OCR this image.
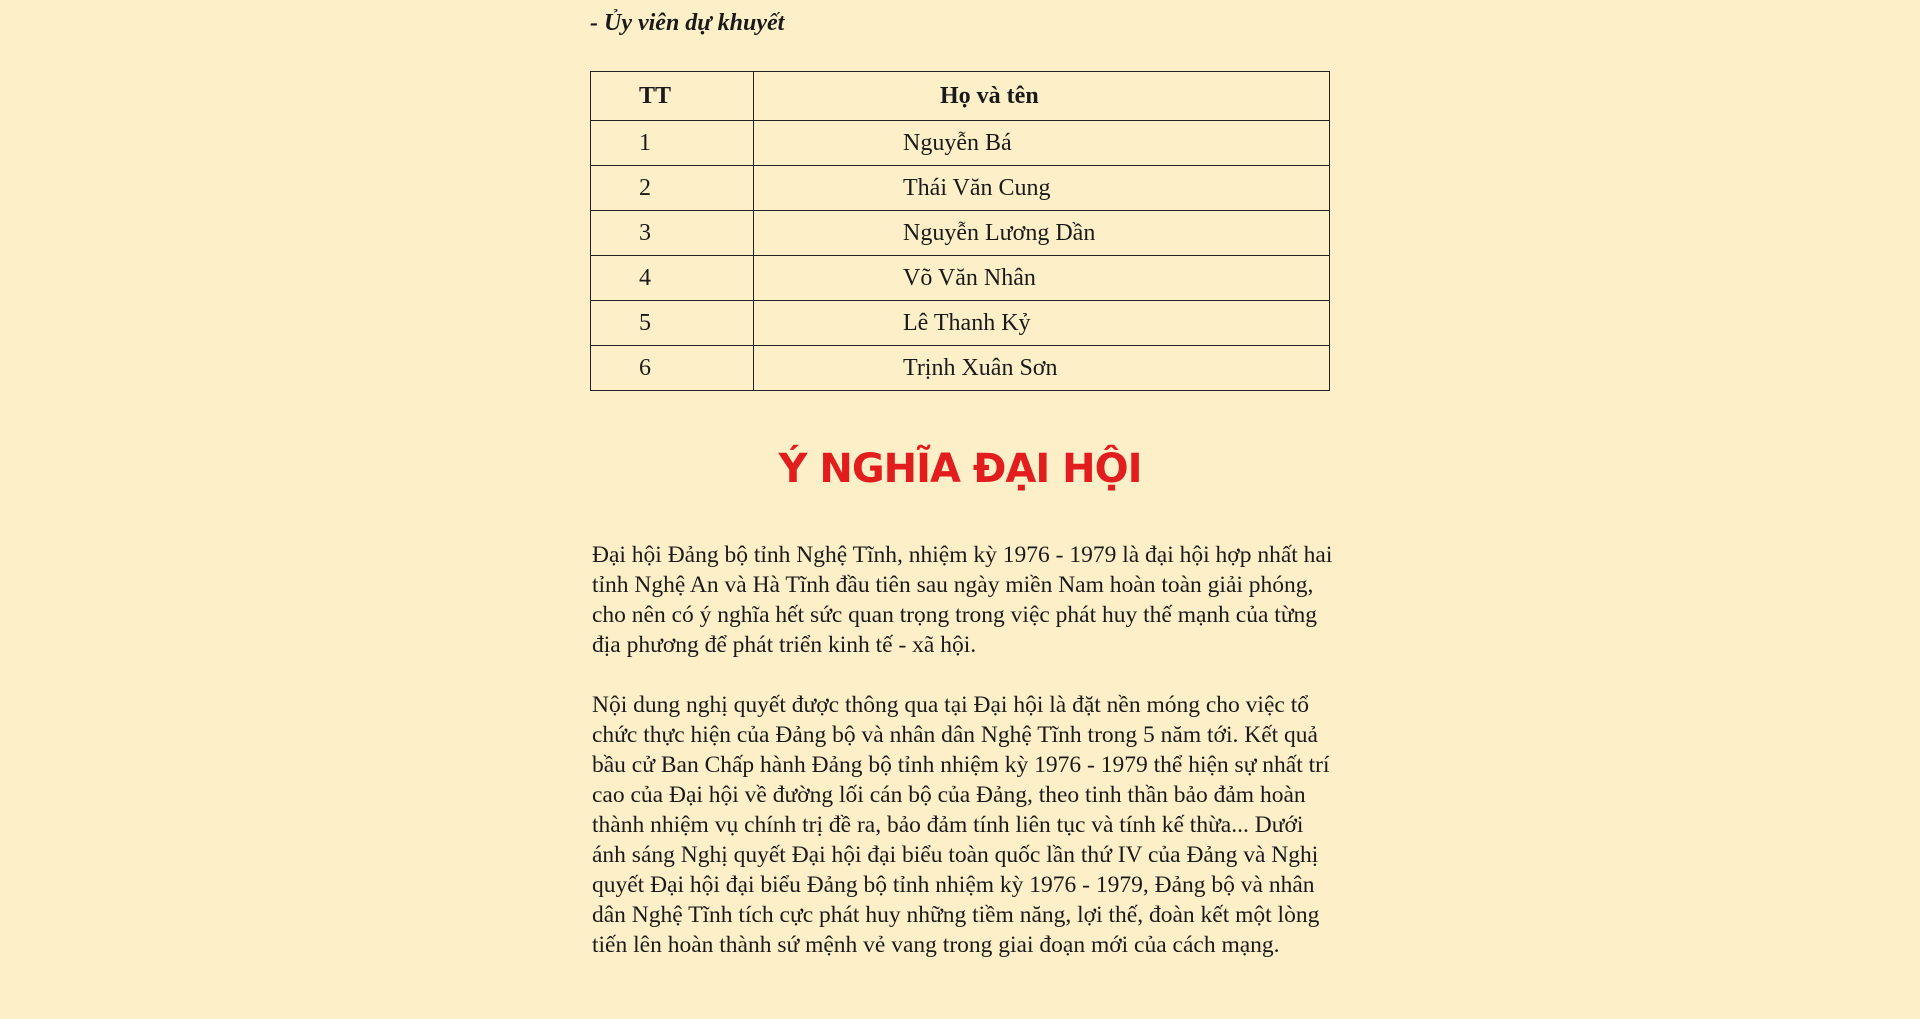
- Ủy viên dự khuyết
TT	Họ và tên
1	Nguyễn Bá
2	Thái Văn Cung
3	Nguyễn Lương Dần
4	Võ Văn Nhân
5	Lê Thanh Kỷ
6	Trịnh Xuân Sơn
Ý NGHĨA ĐẠI HỘI

Đại hội Đảng bộ tỉnh Nghệ Tĩnh, nhiệm kỳ 1976 - 1979 là đại hội hợp nhất hai tỉnh Nghệ An và Hà Tĩnh đầu tiên sau ngày miền Nam hoàn toàn giải phóng, cho nên có ý nghĩa hết sức quan trọng trong việc phát huy thế mạnh của từng địa phương để phát triển kinh tế - xã hội.

Nội dung nghị quyết được thông qua tại Đại hội là đặt nền móng cho việc tổ chức thực hiện của Đảng bộ và nhân dân Nghệ Tĩnh trong 5 năm tới. Kết quả bầu cử Ban Chấp hành Đảng bộ tỉnh nhiệm kỳ 1976 - 1979 thể hiện sự nhất trí cao của Đại hội về đường lối cán bộ của Đảng, theo tinh thần bảo đảm hoàn thành nhiệm vụ chính trị đề ra, bảo đảm tính liên tục và tính kế thừa... Dưới ánh sáng Nghị quyết Đại hội đại biểu toàn quốc lần thứ IV của Đảng và Nghị quyết Đại hội đại biểu Đảng bộ tỉnh nhiệm kỳ 1976 - 1979, Đảng bộ và nhân dân Nghệ Tĩnh tích cực phát huy những tiềm năng, lợi thế, đoàn kết một lòng tiến lên hoàn thành sứ mệnh vẻ vang trong giai đoạn mới của cách mạng.
